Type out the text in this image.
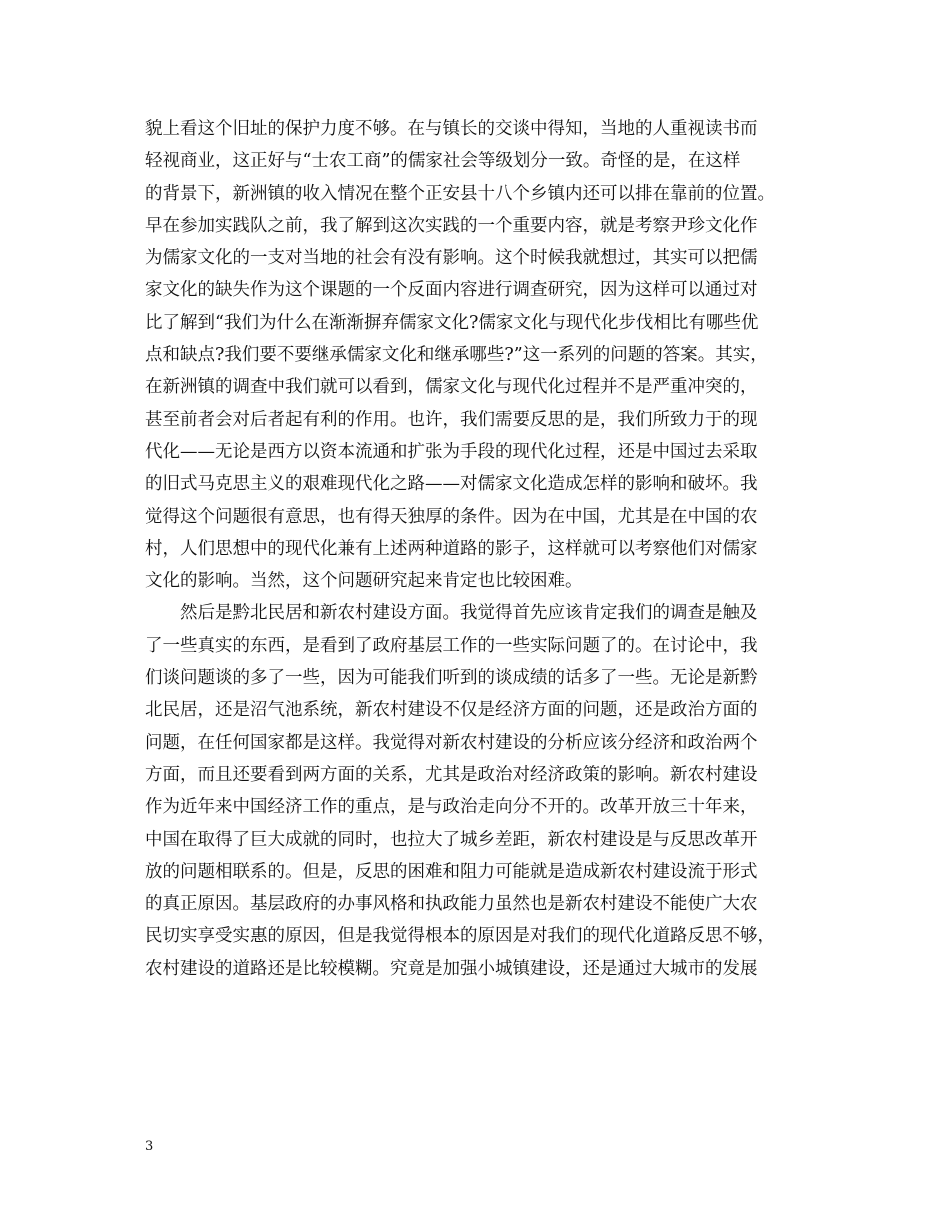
貌上看这个旧址的保护力度不够。在与镇长的交谈中得知，当地的人重视读书而
轻视商业，这正好与“士农工商”的儒家社会等级划分一致。奇怪的是，在这样
的背景下，新洲镇的收入情况在整个正安县十八个乡镇内还可以排在靠前的位置。
早在参加实践队之前，我了解到这次实践的一个重要内容，就是考察尹珍文化作
为儒家文化的一支对当地的社会有没有影响。这个时候我就想过，其实可以把儒
家文化的缺失作为这个课题的一个反面内容进行调查研究，因为这样可以通过对
比了解到“我们为什么在渐渐摒弃儒家文化?儒家文化与现代化步伐相比有哪些优
点和缺点?我们要不要继承儒家文化和继承哪些?”这一系列的问题的答案。其实，
在新洲镇的调查中我们就可以看到，儒家文化与现代化过程并不是严重冲突的，
甚至前者会对后者起有利的作用。也许，我们需要反思的是，我们所致力于的现
代化——无论是西方以资本流通和扩张为手段的现代化过程，还是中国过去采取
的旧式马克思主义的艰难现代化之路——对儒家文化造成怎样的影响和破坏。我
觉得这个问题很有意思，也有得天独厚的条件。因为在中国，尤其是在中国的农
村，人们思想中的现代化兼有上述两种道路的影子，这样就可以考察他们对儒家
文化的影响。当然，这个问题研究起来肯定也比较困难。
然后是黔北民居和新农村建设方面。我觉得首先应该肯定我们的调查是触及
了一些真实的东西，是看到了政府基层工作的一些实际问题了的。在讨论中，我
们谈问题谈的多了一些，因为可能我们听到的谈成绩的话多了一些。无论是新黔
北民居，还是沼气池系统，新农村建设不仅是经济方面的问题，还是政治方面的
问题，在任何国家都是这样。我觉得对新农村建设的分析应该分经济和政治两个
方面，而且还要看到两方面的关系，尤其是政治对经济政策的影响。新农村建设
作为近年来中国经济工作的重点，是与政治走向分不开的。改革开放三十年来，
中国在取得了巨大成就的同时，也拉大了城乡差距，新农村建设是与反思改革开
放的问题相联系的。但是，反思的困难和阻力可能就是造成新农村建设流于形式
的真正原因。基层政府的办事风格和执政能力虽然也是新农村建设不能使广大农
民切实享受实惠的原因，但是我觉得根本的原因是对我们的现代化道路反思不够，
农村建设的道路还是比较模糊。究竟是加强小城镇建设，还是通过大城市的发展
3
